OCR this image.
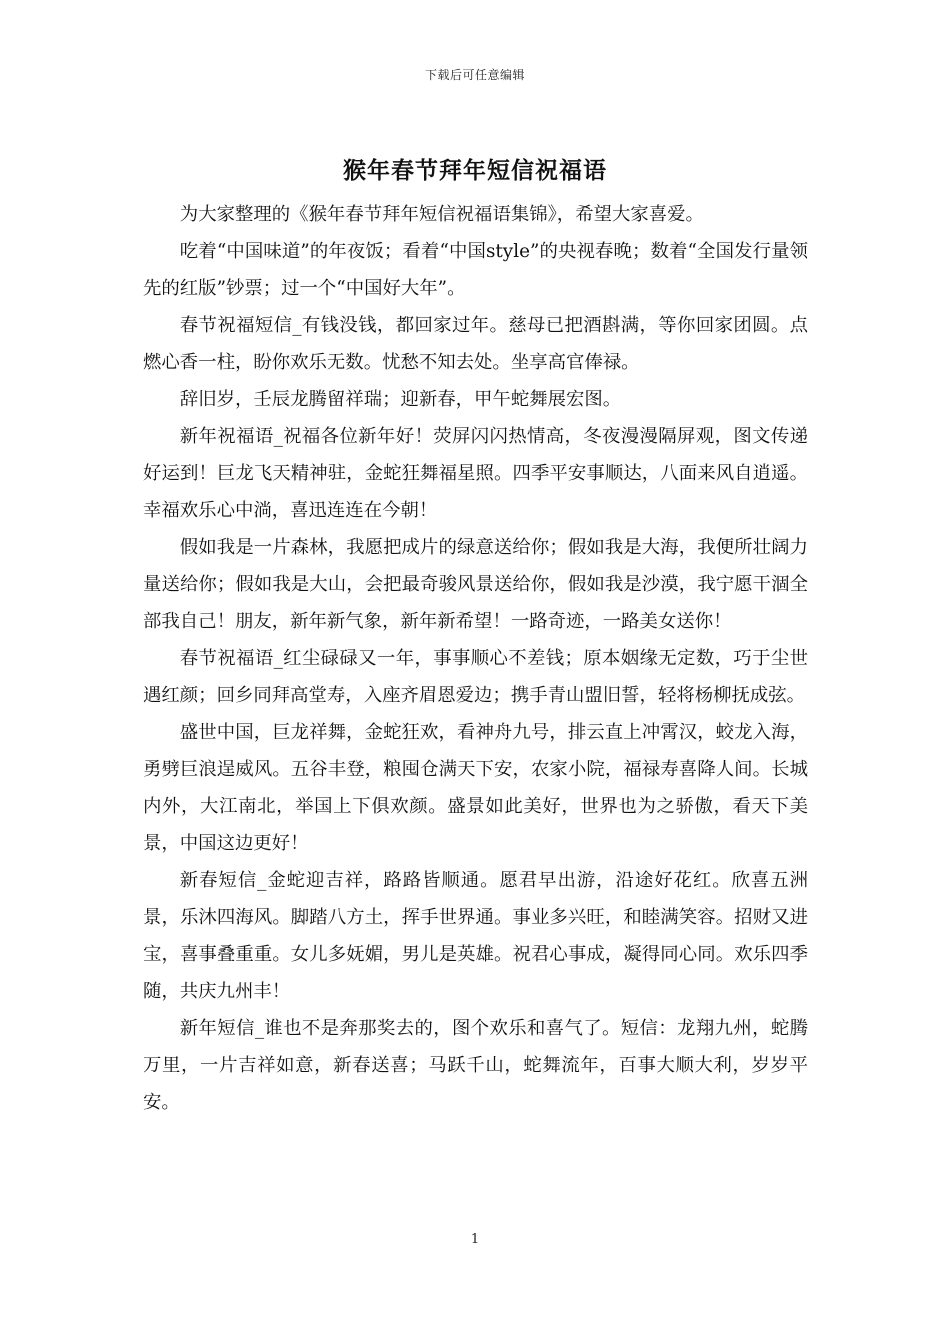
下载后可任意编辑
猴年春节拜年短信祝福语

为大家整理的《猴年春节拜年短信祝福语集锦》，希望大家喜爱。

吃着“中国味道”的年夜饭；看着“中国style”的央视春晚；数着“全国发行量领先的红版”钞票；过一个“中国好大年”。

春节祝福短信_有钱没钱，都回家过年。慈母已把酒斟满，等你回家团圆。点燃心香一柱，盼你欢乐无数。忧愁不知去处。坐享高官俸禄。

辞旧岁，壬辰龙腾留祥瑞；迎新春，甲午蛇舞展宏图。

新年祝福语_祝福各位新年好！荧屏闪闪热情高，冬夜漫漫隔屏观，图文传递好运到！巨龙飞天精神驻，金蛇狂舞福星照。四季平安事顺达，八面来风自逍遥。幸福欢乐心中淌，喜迅连连在今朝！

假如我是一片森林，我愿把成片的绿意送给你；假如我是大海，我便所壮阔力量送给你；假如我是大山，会把最奇骏风景送给你，假如我是沙漠，我宁愿干涸全部我自己！朋友，新年新气象，新年新希望！一路奇迹，一路美女送你！

春节祝福语_红尘碌碌又一年，事事顺心不差钱；原本姻缘无定数，巧于尘世遇红颜；回乡同拜高堂寿，入座齐眉恩爱边；携手青山盟旧誓，轻将杨柳抚成弦。

盛世中国，巨龙祥舞，金蛇狂欢，看神舟九号，排云直上冲霄汉，蛟龙入海，勇劈巨浪逞威风。五谷丰登，粮囤仓满天下安，农家小院，福禄寿喜降人间。长城内外，大江南北，举国上下俱欢颜。盛景如此美好，世界也为之骄傲，看天下美景，中国这边更好！

新春短信_金蛇迎吉祥，路路皆顺通。愿君早出游，沿途好花红。欣喜五洲景，乐沐四海风。脚踏八方土，挥手世界通。事业多兴旺，和睦满笑容。招财又进宝，喜事叠重重。女儿多妩媚，男儿是英雄。祝君心事成，凝得同心同。欢乐四季随，共庆九州丰！

新年短信_谁也不是奔那奖去的，图个欢乐和喜气了。短信：龙翔九州，蛇腾万里，一片吉祥如意，新春送喜；马跃千山，蛇舞流年，百事大顺大利，岁岁平安。

1
